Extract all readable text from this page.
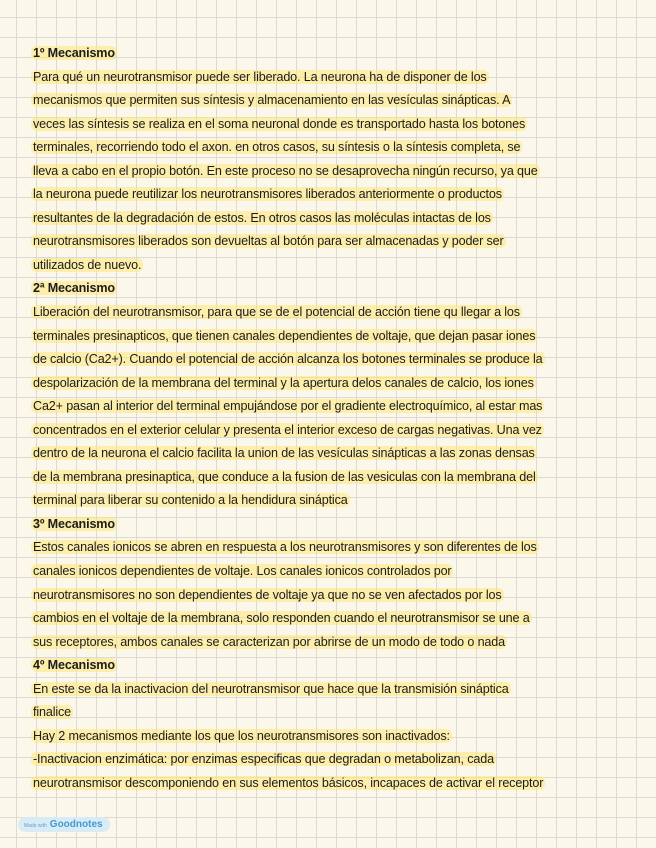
1º Mecanismo
Para qué un neurotransmisor puede ser liberado. La neurona ha de disponer de los
mecanismos que permiten sus síntesis y almacenamiento en las vesículas sinápticas. A
veces las síntesis se realiza en el soma neuronal donde es transportado hasta los botones
terminales, recorriendo todo el axon. en otros casos, su síntesis o la síntesis completa, se
lleva a cabo en el propio botón. En este proceso no se desaprovecha ningún recurso, ya que
la neurona puede reutilizar los neurotransmisores liberados anteriormente o productos
resultantes de la degradación de estos. En otros casos las moléculas intactas de los
neurotransmisores liberados son devueltas al botón para ser almacenadas y poder ser
utilizados de nuevo.
2ª Mecanismo
Liberación del neurotransmisor, para que se de el potencial de acción tiene qu llegar a los
terminales presinapticos, que tienen canales dependientes de voltaje, que dejan pasar iones
de calcio (Ca2+). Cuando el potencial de acción alcanza los botones terminales se produce la
despolarización de la membrana del terminal y la apertura delos canales de calcio, los iones
Ca2+ pasan al interior del terminal empujándose por el gradiente electroquímico, al estar mas
concentrados en el exterior celular y presenta el interior exceso de cargas negativas. Una vez
dentro de la neurona el calcio facilita la union de las vesículas sinápticas a las zonas densas
de la membrana presinaptica, que conduce a la fusion de las vesiculas con la membrana del
terminal para liberar su contenido a la hendidura sináptica
3º Mecanismo
Estos canales ionicos se abren en respuesta a los neurotransmisores y son diferentes de los
canales ionicos dependientes de voltaje. Los canales ionicos controlados por
neurotransmisores no son dependientes de voltaje ya que no se ven afectados por los
cambios en el voltaje de la membrana, solo responden cuando el neurotransmisor se une a
sus receptores, ambos canales se caracterizan por abrirse de un modo de todo o nada
4º Mecanismo
En este se da la inactivacion del neurotransmisor que hace que la transmisión sináptica
finalice
Hay 2 mecanismos mediante los que los neurotransmisores son inactivados:
-Inactivacion enzimática: por enzimas especificas que degradan o metabolizan, cada
neurotransmisor descomponiendo en sus elementos básicos, incapaces de activar el receptor
Made with Goodnotes
